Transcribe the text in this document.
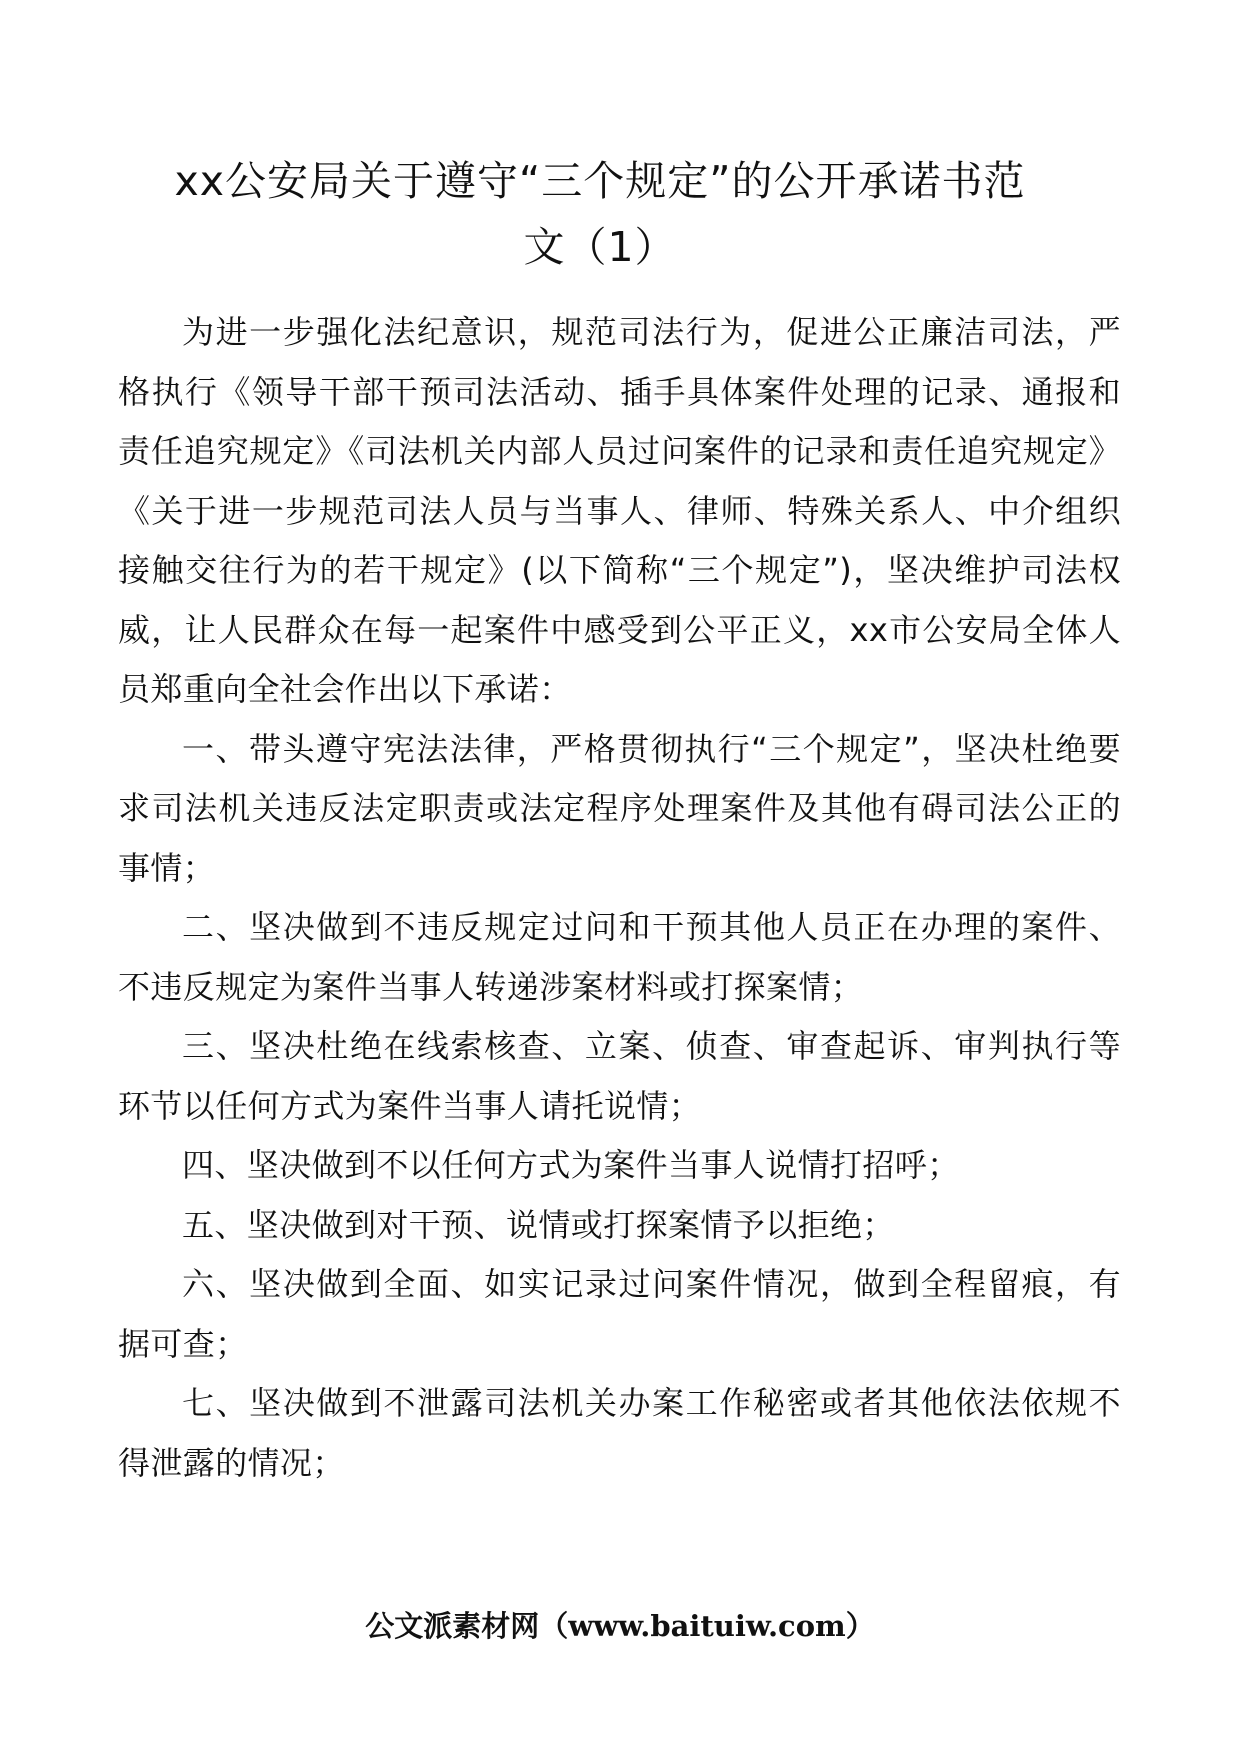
xx公安局关于遵守“三个规定”的公开承诺书范
文（1）

为进一步强化法纪意识，规范司法行为，促进公正廉洁司法，严格执行《领导干部干预司法活动、插手具体案件处理的记录、通报和责任追究规定》《司法机关内部人员过问案件的记录和责任追究规定》《关于进一步规范司法人员与当事人、律师、特殊关系人、中介组织接触交往行为的若干规定》(以下简称“三个规定”)，坚决维护司法权威，让人民群众在每一起案件中感受到公平正义，xx市公安局全体人员郑重向全社会作出以下承诺：

一、带头遵守宪法法律，严格贯彻执行“三个规定”，坚决杜绝要求司法机关违反法定职责或法定程序处理案件及其他有碍司法公正的事情；

二、坚决做到不违反规定过问和干预其他人员正在办理的案件、不违反规定为案件当事人转递涉案材料或打探案情；

三、坚决杜绝在线索核查、立案、侦查、审查起诉、审判执行等环节以任何方式为案件当事人请托说情；

四、坚决做到不以任何方式为案件当事人说情打招呼；

五、坚决做到对干预、说情或打探案情予以拒绝；

六、坚决做到全面、如实记录过问案件情况，做到全程留痕，有据可查；

七、坚决做到不泄露司法机关办案工作秘密或者其他依法依规不得泄露的情况；

公文派素材网（www.baituiw.com）
